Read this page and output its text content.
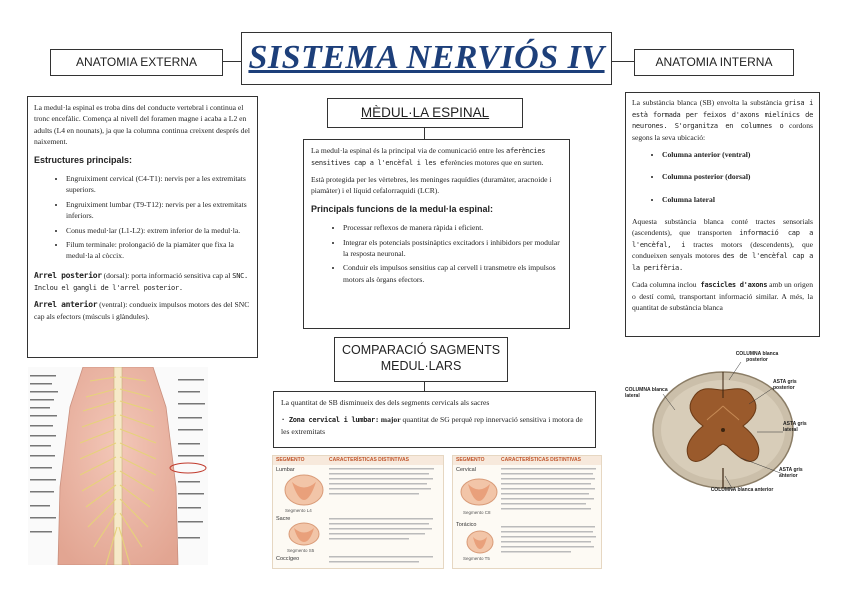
SISTEMA NERVIÓS IV
ANATOMIA EXTERNA	ANATOMIA INTERNA

La medul·la espinal es troba dins del conducte vertebral i continua el tronc encefàlic. Comença al nivell del foramen magne i acaba a L2 en adults (L4 en nounats), ja que la columna continua creixent després del naixement.

Estructures principals:
• Engruiximent cervical (C4-T1): nervis per a les extremitats superiors.
• Engruiximent lumbar (T9-T12): nervis per a les extremitats inferiors.
• Conus medul·lar (L1-L2): extrem inferior de la medul·la.
• Filum terminale: prolongació de la piamàter que fixa la medul·la al còccix.

Arrel posterior (dorsal): porta informació sensitiva cap al SNC. Inclou el gangli de l'arrel posterior.

Arrel anterior (ventral): condueix impulsos motors des del SNC cap als efectors (músculs i glàndules).

MÈDUL·LA ESPINAL

La medul·la espinal és la principal via de comunicació entre les aferències sensitives cap a l'encèfal i les eferències motores que en surten.

Està protegida per les vèrtebres, les meninges raquídies (duramàter, aracnoide i piamàter) i el líquid cefalorraquidi (LCR).

Principals funcions de la medul·la espinal:
• Processar reflexos de manera ràpida i eficient.
• Integrar els potencials postsinàptics excitadors i inhibidors per modular la resposta neuronal.
• Conduir els impulsos sensitius cap al cervell i transmetre els impulsos motors als òrgans efectors.
COMPARACIÓ SAGMENTS
MEDUL·LARS

La quantitat de SB disminueix des dels segments cervicals als sacres

· Zona cervical i lumbar: major quantitat de SG perquè rep innervació sensitiva i motora de les extremitats

La substància blanca (SB) envolta la substància grisa i està formada per feixos d'axons mielínics de neurones. S'organitza en columnes o cordons segons la seva ubicació:

• Columna anterior (ventral)
• Columna posterior (dorsal)
• Columna lateral

Aquesta substància blanca conté tractes sensorials (ascendents), que transporten informació cap a l'encèfal, i tractes motors (descendents), que condueixen senyals motores des de l'encèfal cap a la perifèria.

Cada columna inclou fascicles d'axons amb un origen o destí comú, transportant informació similar. A més, la quantitat de substància blanca

SEGMENTO	CARACTERÍSTICAS DISTINTIVAS
Lumbar
Segmento L4
Sacre
Segmento S5
Coccígeo
SEGMENTO	CARACTERÍSTICAS DISTINTIVAS
Cervical
Segmento C8
Torácico
Segmento T5
COLUMNA blanca posterior
ASTA gris posterior
COLUMNA blanca lateral
ASTA gris lateral
ASTA gris anterior
COLUMNA blanca anterior
